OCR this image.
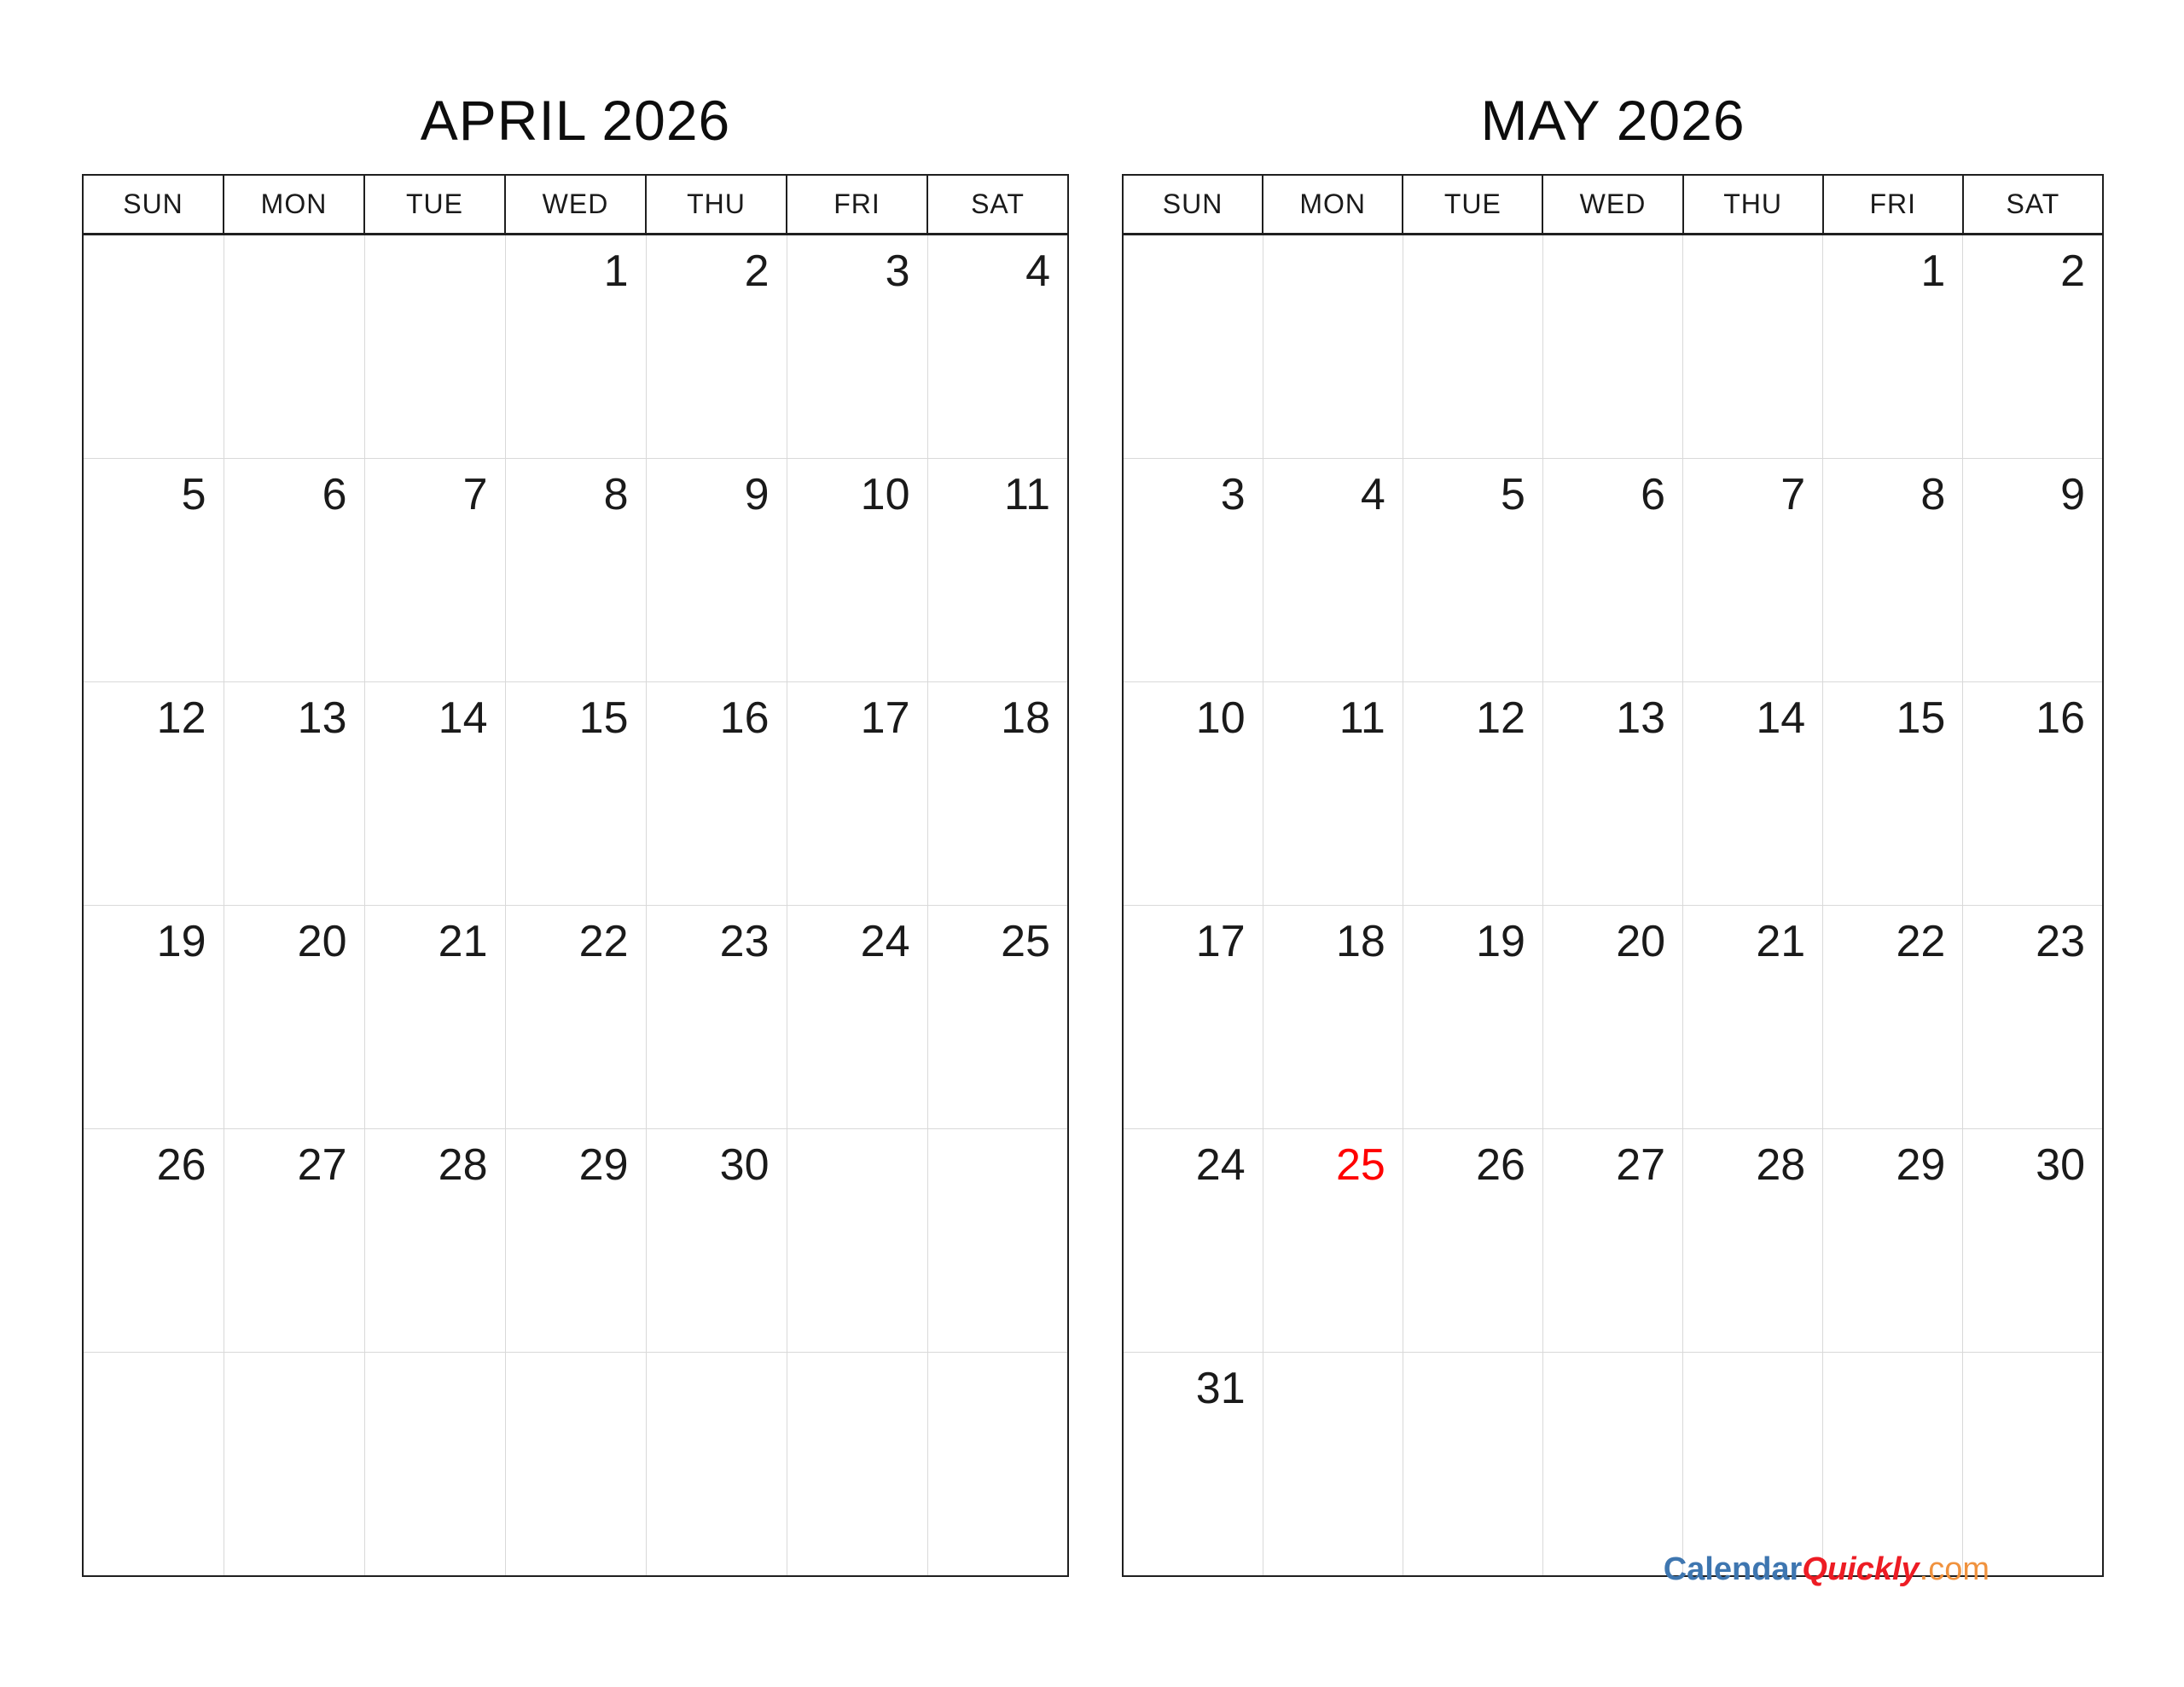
APRIL 2026
SUN	MON	TUE	WED	THU	FRI	SAT
			1	2	3	4
5	6	7	8	9	10	11
12	13	14	15	16	17	18
19	20	21	22	23	24	25
26	27	28	29	30		

MAY 2026
SUN	MON	TUE	WED	THU	FRI	SAT
					1	2
3	4	5	6	7	8	9
10	11	12	13	14	15	16
17	18	19	20	21	22	23
24	25	26	27	28	29	30
31						
CalendarQuickly.com
